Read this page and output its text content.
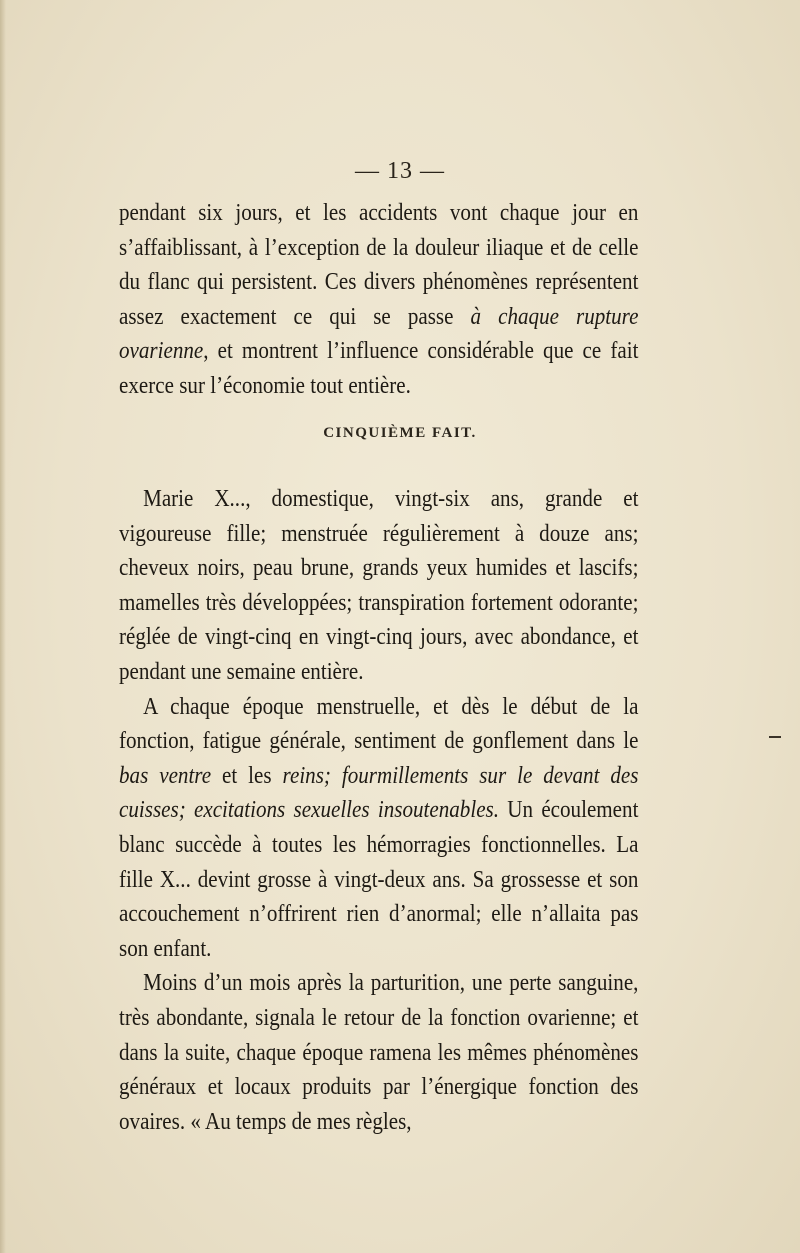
— 13 —

pendant six jours, et les accidents vont chaque jour en s’affaiblissant, à l’exception de la douleur iliaque et de celle du flanc qui persistent. Ces divers phénomènes représentent assez exactement ce qui se passe à chaque rupture ovarienne, et montrent l’influence considérable que ce fait exerce sur l’économie tout entière.

CINQUIÈME FAIT.

Marie X..., domestique, vingt-six ans, grande et vigoureuse fille; menstruée régulièrement à douze ans; cheveux noirs, peau brune, grands yeux humides et lascifs; mamelles très développées; transpiration fortement odorante; réglée de vingt-cinq en vingt-cinq jours, avec abondance, et pendant une semaine entière.

A chaque époque menstruelle, et dès le début de la fonction, fatigue générale, sentiment de gonflement dans le bas ventre et les reins; fourmillements sur le devant des cuisses; excitations sexuelles insoutenables. Un écoulement blanc succède à toutes les hémorragies fonctionnelles. La fille X... devint grosse à vingt-deux ans. Sa grossesse et son accouchement n’offrirent rien d’anormal; elle n’allaita pas son enfant.

Moins d’un mois après la parturition, une perte sanguine, très abondante, signala le retour de la fonction ovarienne; et dans la suite, chaque époque ramena les mêmes phénomènes généraux et locaux produits par l’énergique fonction des ovaires. « Au temps de mes règles,
